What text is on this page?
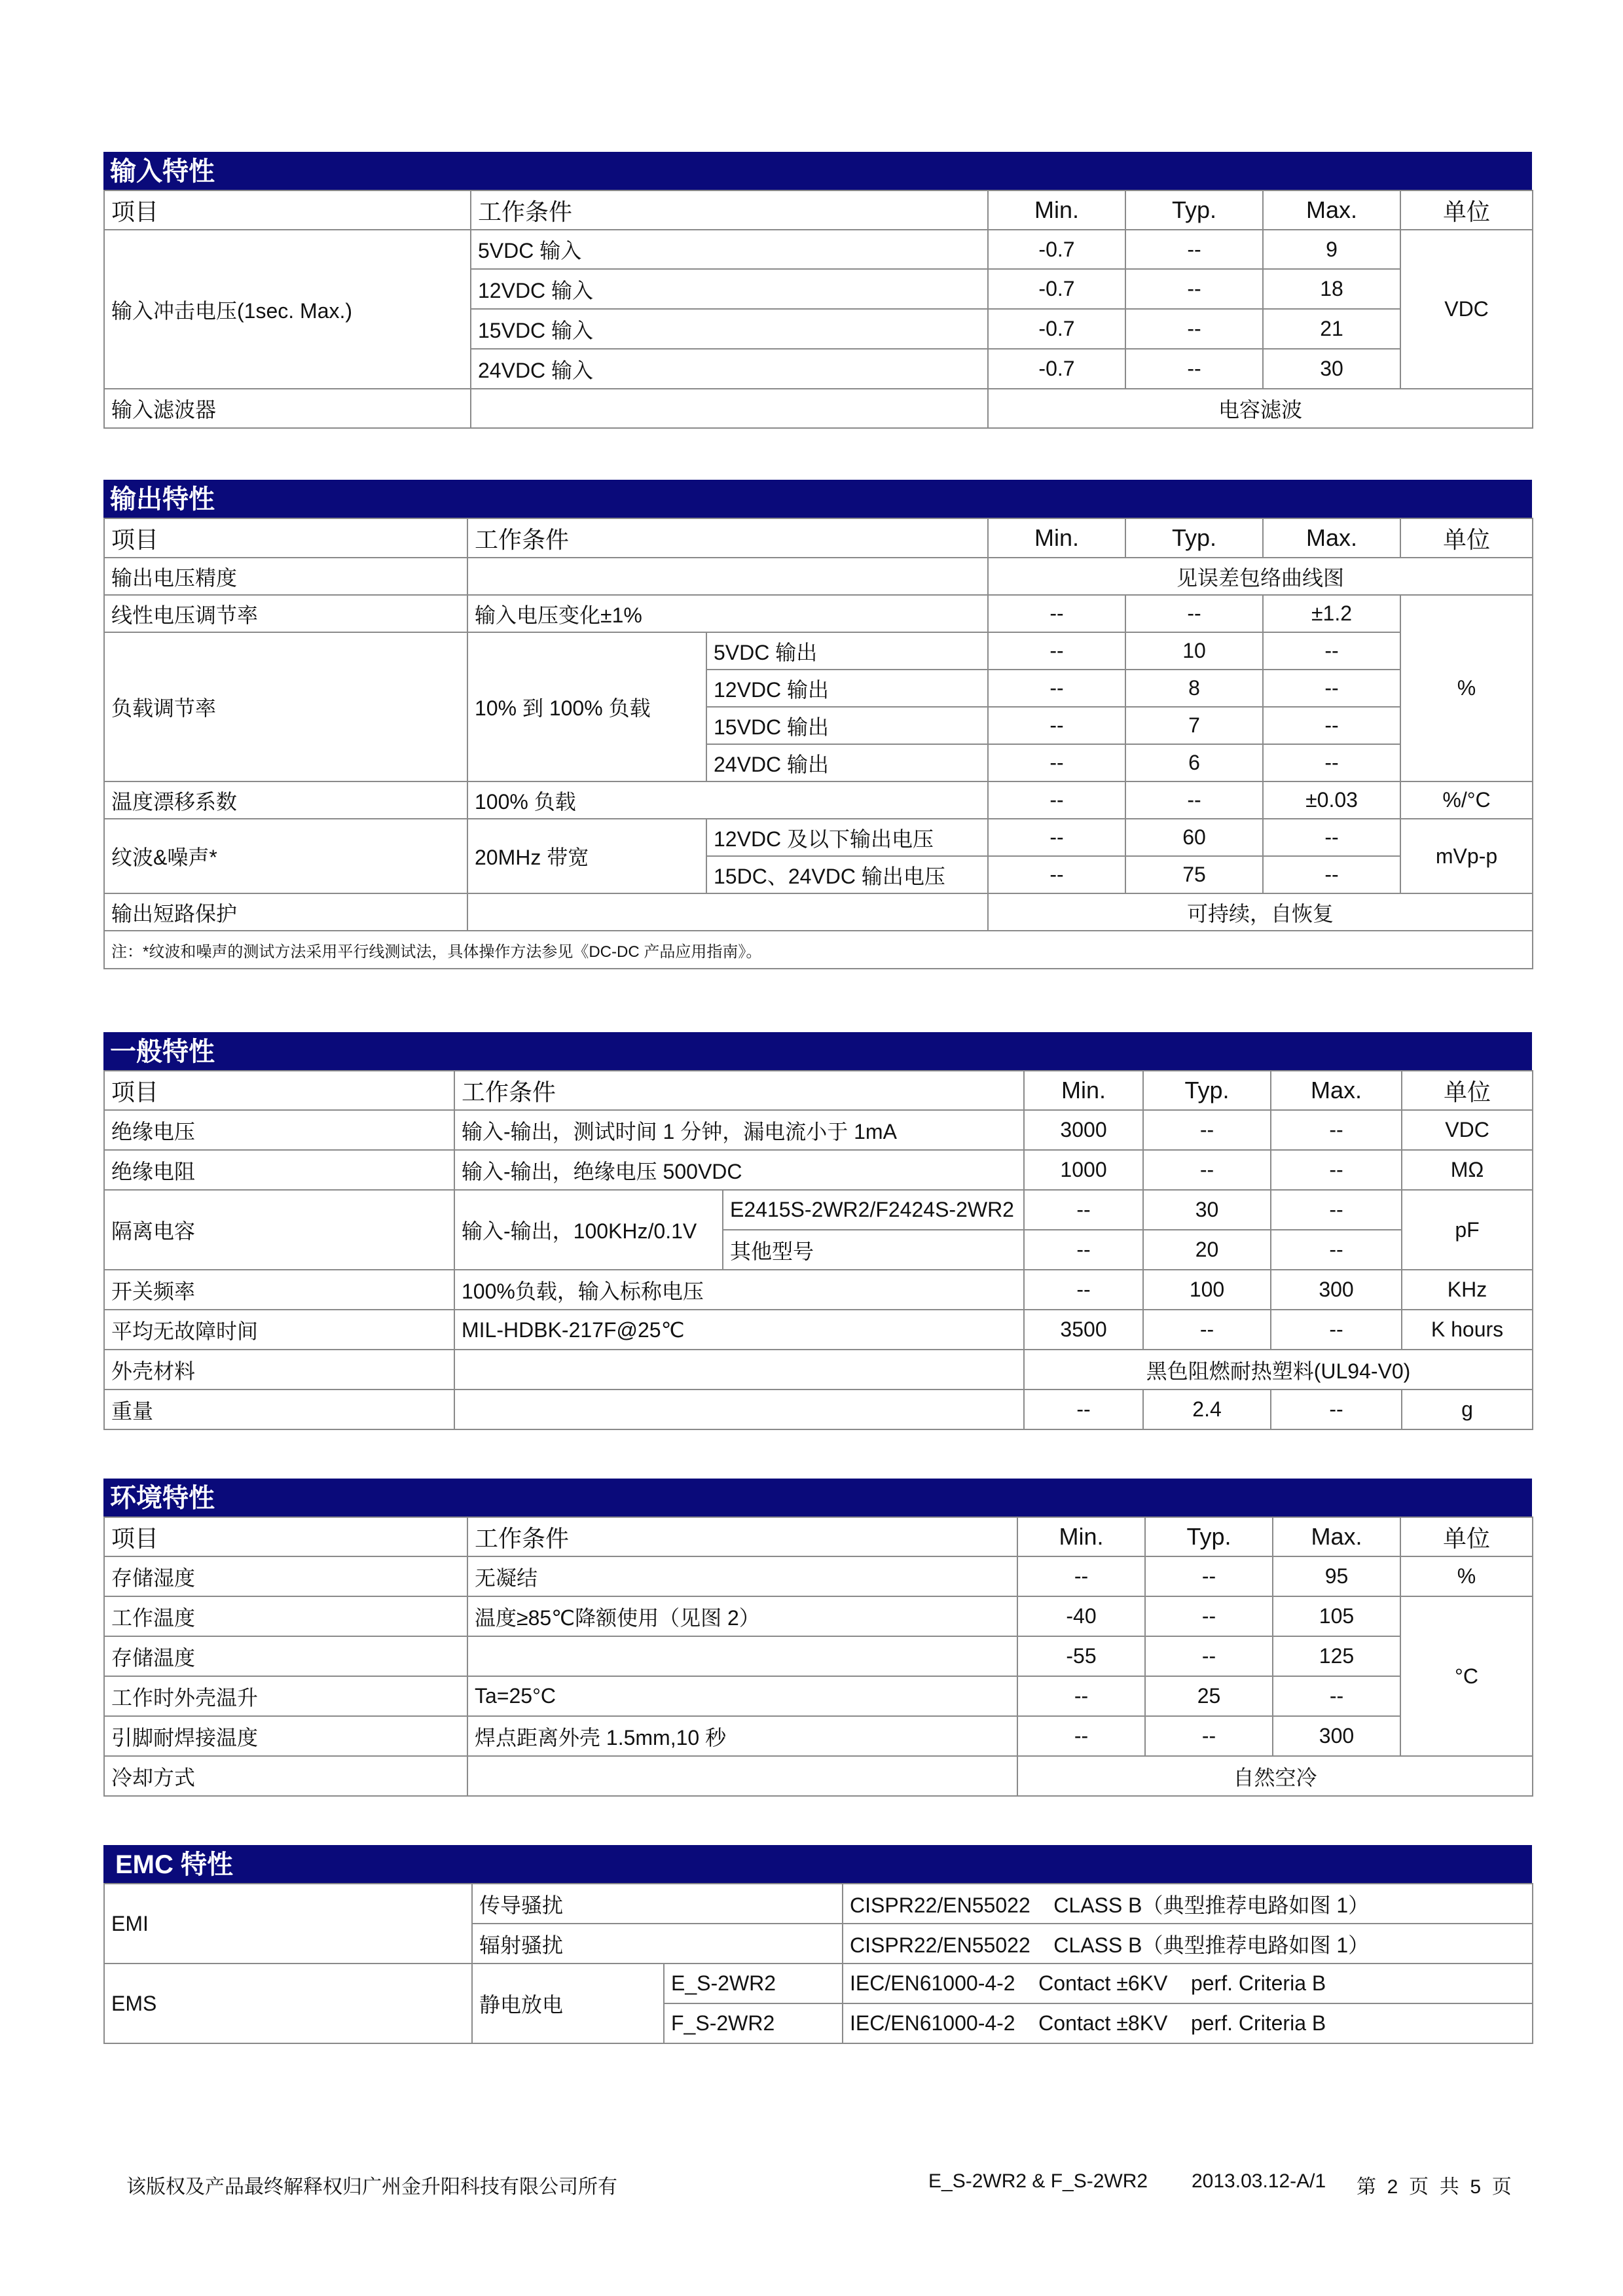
输入特性
项目	工作条件	Min.	Typ.	Max.	单位
输入冲击电压(1sec. Max.)	5VDC 输入	-0.7	--	9	VDC
	12VDC 输入	-0.7	--	18	
	15VDC 输入	-0.7	--	21	
	24VDC 输入	-0.7	--	30	
输入滤波器		电容滤波			
输出特性
项目	工作条件		Min.	Typ.	Max.	单位
输出电压精度			见误差包络曲线图			
线性电压调节率	输入电压变化±1%		--	--	±1.2	%
负载调节率	10% 到 100% 负载	5VDC 输出	--	10	--	
		12VDC 输出	--	8	--	
		15VDC 输出	--	7	--	
		24VDC 输出	--	6	--	
温度漂移系数	100% 负载		--	--	±0.03	%/°C
纹波&噪声*	20MHz 带宽	12VDC 及以下输出电压	--	60	--	mVp-p
		15DC、24VDC 输出电压	--	75	--	
输出短路保护			可持续，自恢复			
注：*纹波和噪声的测试方法采用平行线测试法，具体操作方法参见《DC-DC 产品应用指南》。						
一般特性
项目	工作条件		Min.	Typ.	Max.	单位
绝缘电压	输入-输出，测试时间 1 分钟，漏电流小于 1mA		3000	--	--	VDC
绝缘电阻	输入-输出，绝缘电压 500VDC		1000	--	--	MΩ
隔离电容	输入-输出，100KHz/0.1V	E2415S-2WR2/F2424S-2WR2	--	30	--	pF
		其他型号	--	20	--	
开关频率	100%负载，输入标称电压		--	100	300	KHz
平均无故障时间	MIL-HDBK-217F@25℃		3500	--	--	K hours
外壳材料			黑色阻燃耐热塑料(UL94-V0)			
重量			--	2.4	--	g
环境特性
项目	工作条件	Min.	Typ.	Max.	单位
存储湿度	无凝结	--	--	95	%
工作温度	温度≥85℃降额使用（见图 2）	-40	--	105	°C
存储温度		-55	--	125	
工作时外壳温升	Ta=25°C	--	25	--	
引脚耐焊接温度	焊点距离外壳 1.5mm,10 秒	--	--	300	
冷却方式		自然空冷			
EMC 特性
EMI	传导骚扰		CISPR22/EN55022    CLASS B（典型推荐电路如图 1）
	辐射骚扰		CISPR22/EN55022    CLASS B（典型推荐电路如图 1）
EMS	静电放电	E_S-2WR2	IEC/EN61000-4-2    Contact ±6KV    perf. Criteria B
		F_S-2WR2	IEC/EN61000-4-2    Contact ±8KV    perf. Criteria B
该版权及产品最终解释权归广州金升阳科技有限公司所有	E_S-2WR2 & F_S-2WR2 2013.03.12-A/1 第  2  页  共  5  页
